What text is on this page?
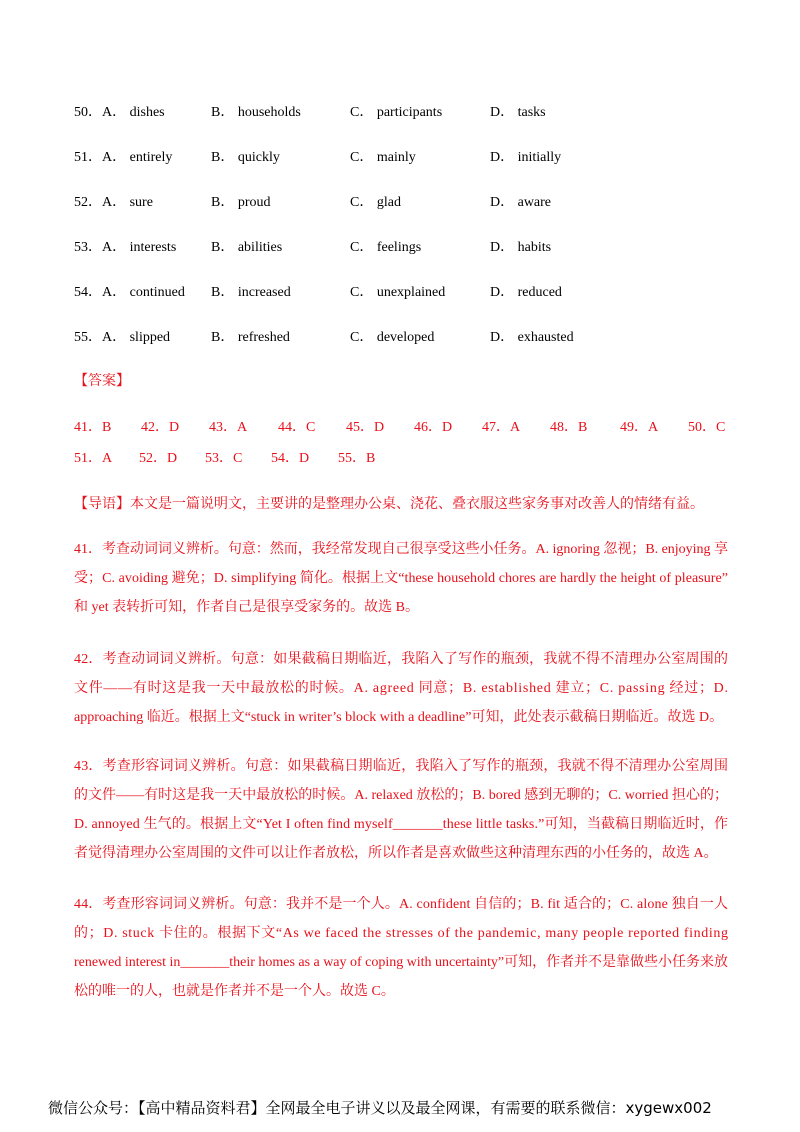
50． A． dishes	B． households	C． participants	D． tasks
51． A． entirely	B． quickly	C． mainly	D． initially
52． A． sure	B． proud	C． glad	D． aware
53． A． interests B． abilities	C． feelings	D． habits
54． A． continued B． increased	C． unexplained	D． reduced
55． A． slipped	B． refreshed	C． developed	D． exhausted
【答案】
41．B 42．D 43．A 44．C 45．D 46．D 47．A 48．B 49．A 50．C
51．A 52．D 53．C 54．D 55．B
【导语】本文是一篇说明文，主要讲的是整理办公桌、浇花、叠衣服这些家务事对改善人的情绪有益。
41．考查动词词义辨析。句意：然而，我经常发现自己很享受这些小任务。A. ignoring 忽视；B. enjoying 享
受；C. avoiding 避免；D. simplifying 简化。根据上文“these household chores are hardly the height of pleasure”
和 yet 表转折可知，作者自己是很享受家务的。故选 B。
42．考查动词词义辨析。句意：如果截稿日期临近，我陷入了写作的瓶颈，我就不得不清理办公室周围的
文件——有时这是我一天中最放松的时候。A. agreed 同意；B. established 建立；C. passing 经过；D.
approaching 临近。根据上文“stuck in writer’s block with a deadline”可知，此处表示截稿日期临近。故选 D。
43．考查形容词词义辨析。句意：如果截稿日期临近，我陷入了写作的瓶颈，我就不得不清理办公室周围
的文件——有时这是我一天中最放松的时候。A. relaxed 放松的；B. bored 感到无聊的；C. worried 担心的；
D. annoyed 生气的。根据上文“Yet I often find myself_______these little tasks.”可知，当截稿日期临近时，作
者觉得清理办公室周围的文件可以让作者放松，所以作者是喜欢做些这种清理东西的小任务的，故选 A。
44．考查形容词词义辨析。句意：我并不是一个人。A. confident 自信的；B. fit 适合的；C. alone 独自一人
的；D. stuck 卡住的。根据下文“As we faced the stresses of the pandemic, many people reported finding
renewed interest in_______their homes as a way of coping with uncertainty”可知，作者并不是靠做些小任务来放
松的唯一的人，也就是作者并不是一个人。故选 C。
微信公众号：【高中精品资料君】全网最全电子讲义以及最全网课，有需要的联系微信：xygewx002
